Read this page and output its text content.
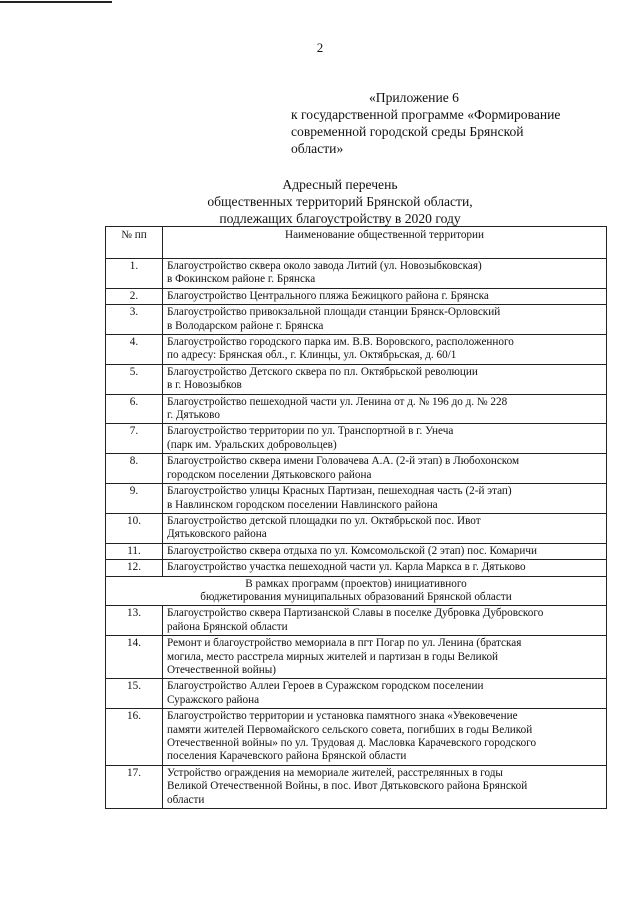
2
«Приложение 6
к государственной программе «Формирование
современной городской среды Брянской
области»
Адресный перечень
общественных территорий Брянской области,
подлежащих благоустройству в 2020 году
№ пп	Наименование общественной территории
1.	Благоустройство сквера около завода Литий (ул. Новозыбковская)
в Фокинском районе г. Брянска

2.	Благоустройство Центрального пляжа Бежицкого района г. Брянска

3.	Благоустройство привокзальной площади станции Брянск-Орловский
в Володарском районе г. Брянска

4.	Благоустройство городского парка им. В.В. Воровского, расположенного
по адресу: Брянская обл., г. Клинцы, ул. Октябрьская, д. 60/1

5.	Благоустройство Детского сквера по пл. Октябрьской революции
в г. Новозыбков

6.	Благоустройство пешеходной части ул. Ленина от д. № 196 до д. № 228
г. Дятьково

7.	Благоустройство территории по ул. Транспортной в г. Унеча
(парк им. Уральских добровольцев)

8.	Благоустройство сквера имени Головачева А.А. (2-й этап) в Любохонском
городском поселении Дятьковского района

9.	Благоустройство улицы Красных Партизан, пешеходная часть (2-й этап)
в Навлинском городском поселении Навлинского района

10.	Благоустройство детской площадки по ул. Октябрьской пос. Ивот
Дятьковского района

11.	Благоустройство сквера отдыха по ул. Комсомольской (2 этап) пос. Комаричи

12.	Благоустройство участка пешеходной части ул. Карла Маркса в г. Дятьково

В рамках программ (проектов) инициативного
бюджетирования муниципальных образований Брянской области	

13.	Благоустройство сквера Партизанской Славы в поселке Дубровка Дубровского
района Брянской области

14.	Ремонт и благоустройство мемориала в пгт Погар по ул. Ленина (братская
могила, место расстрела мирных жителей и партизан в годы Великой
Отечественной войны)

15.	Благоустройство Аллеи Героев в Суражском городском поселении
Суражского района

16.	Благоустройство территории и установка памятного знака «Увековечение
памяти жителей Первомайского сельского совета, погибших в годы Великой
Отечественной войны» по ул. Трудовая д. Масловка Карачевского городского
поселения Карачевского района Брянской области

17.	Устройство ограждения на мемориале жителей, расстрелянных в годы
Великой Отечественной Войны, в пос. Ивот Дятьковского района Брянской
области
